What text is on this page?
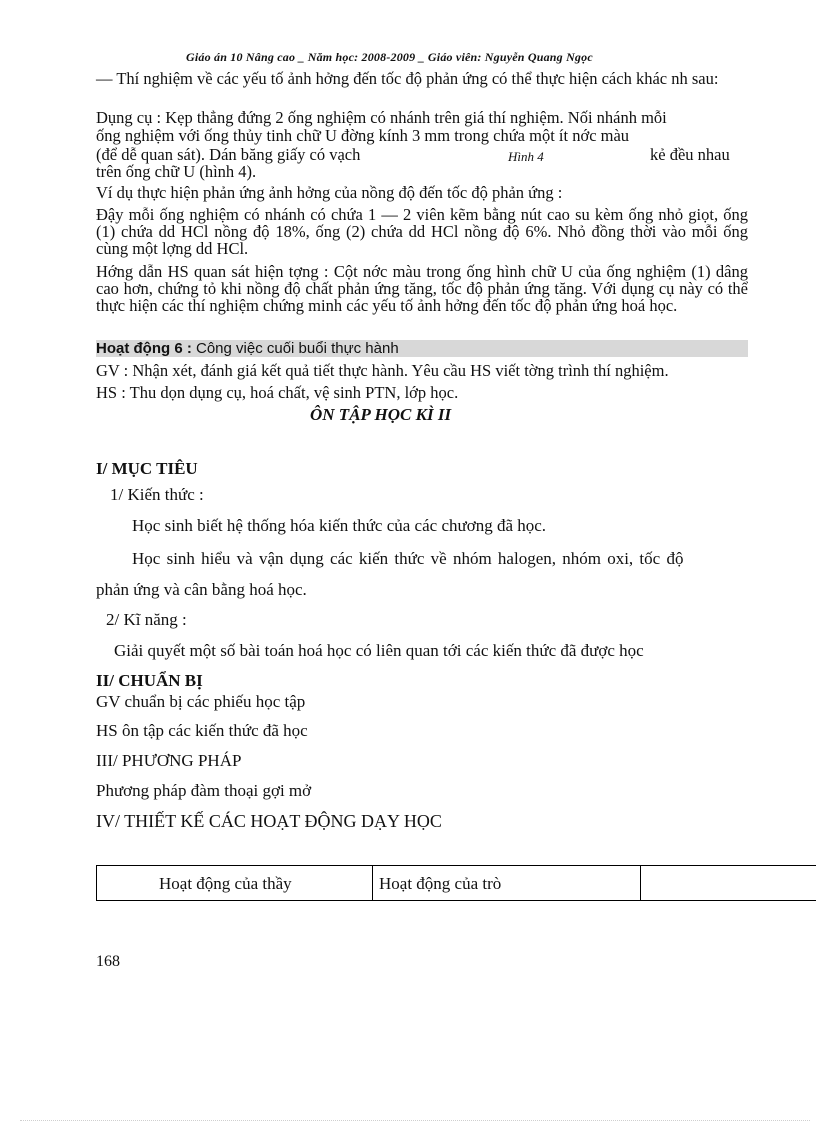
Giáo án 10 Nâng cao _ Năm học: 2008-2009 _ Giáo viên: Nguyễn Quang Ngọc
— Thí nghiệm về các yếu tố ảnh hởng đến tốc độ phản ứng có thể thực hiện cách khác nh sau:
Dụng cụ : Kẹp thẳng đứng 2 ống nghiệm có nhánh trên giá thí nghiệm. Nối nhánh mỗi
ống nghiệm với ống thủy tinh chữ U đờng kính 3 mm trong chứa một ít nớc màu
(để dễ quan sát). Dán băng giấy có vạch	Hình 4	kẻ đều nhau
trên ống chữ U (hình 4).
Ví dụ thực hiện phản ứng ảnh hởng của nồng độ đến tốc độ phản ứng :
Đậy mỗi ống nghiệm có nhánh có chứa 1 — 2 viên kẽm bằng nút cao su kèm ống nhỏ giọt, ống (1) chứa dd HCl nồng độ 18%, ống (2) chứa dd HCl nồng độ 6%. Nhỏ đồng thời vào mỗi ống cùng một lợng dd HCl.
Hớng dẫn HS quan sát hiện tợng : Cột nớc màu trong ống hình chữ U của ống nghiệm (1) dâng cao hơn, chứng tỏ khi nồng độ chất phản ứng tăng, tốc độ phản ứng tăng. Với dụng cụ này có thể thực hiện các thí nghiệm chứng minh các yếu tố ảnh hởng đến tốc độ phản ứng hoá học.
Hoạt động 6 : Công việc cuối buổi thực hành
GV : Nhận xét, đánh giá kết quả tiết thực hành. Yêu cầu HS viết tờng trình thí nghiệm.
HS : Thu dọn dụng cụ, hoá chất, vệ sinh PTN, lớp học.
ÔN TẬP HỌC KÌ II
I/ MỤC TIÊU
1/ Kiến thức :
Học sinh biết hệ thống hóa kiến thức của các chương đã học.
Học sinh hiểu và vận dụng các kiến thức về nhóm halogen, nhóm oxi, tốc độ
phản ứng và cân bằng hoá học.
2/ Kĩ năng :
Giải quyết một số bài toán hoá học có liên quan tới các kiến thức đã được học
II/ CHUẨN BỊ
GV chuẩn bị các phiếu học tập
HS ôn tập các kiến thức đã học
III/ PHƯƠNG PHÁP
Phương pháp đàm thoại gợi mở
IV/ THIẾT KẾ CÁC HOẠT ĐỘNG DẠY HỌC
Hoạt động của thầy	Hoạt động của trò
168
